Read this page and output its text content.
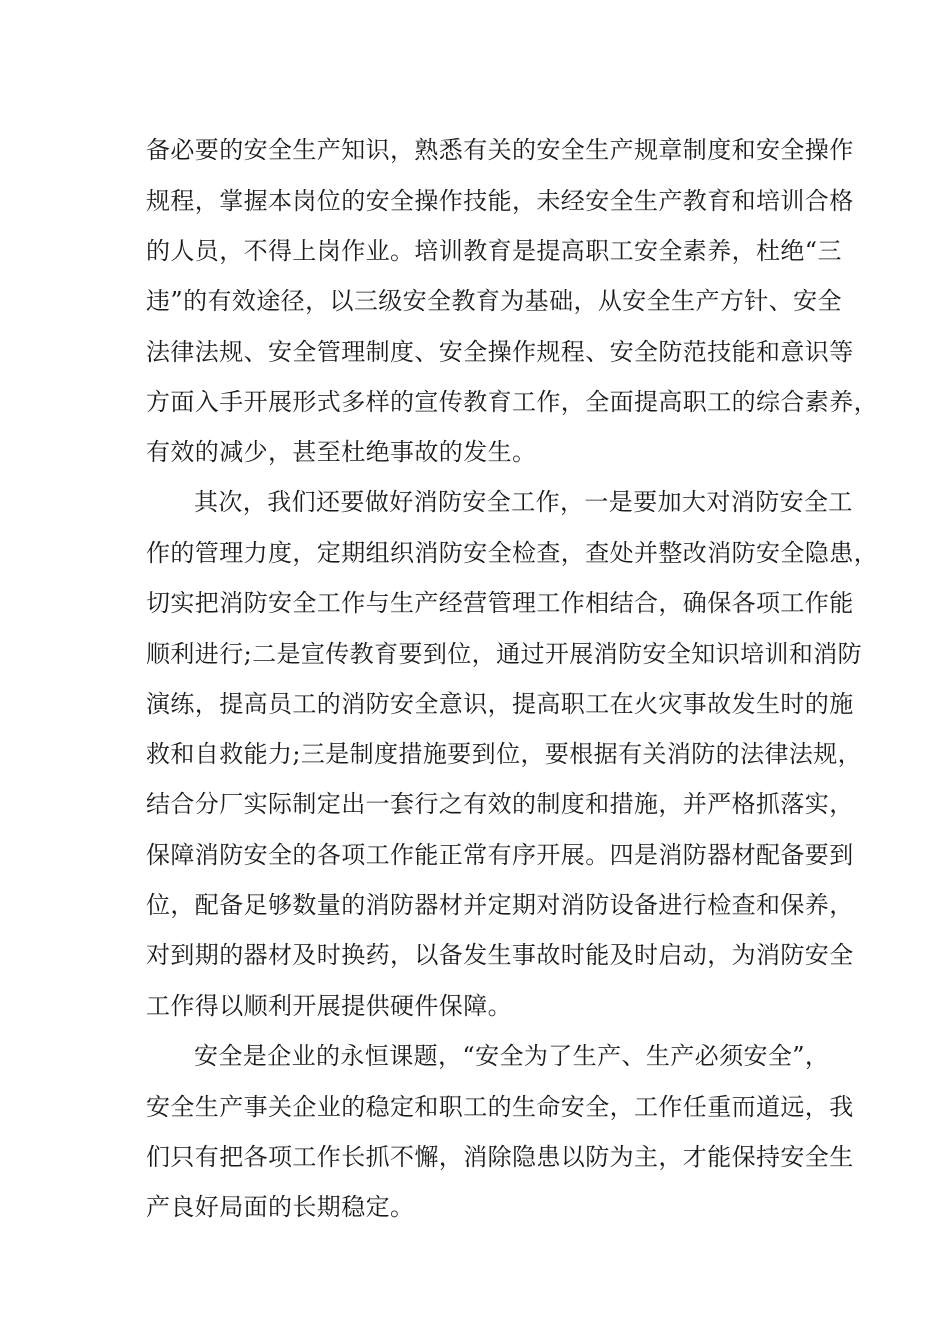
备必要的安全生产知识，熟悉有关的安全生产规章制度和安全操作
规程，掌握本岗位的安全操作技能，未经安全生产教育和培训合格
的人员，不得上岗作业。培训教育是提高职工安全素养，杜绝“三
违”的有效途径，以三级安全教育为基础，从安全生产方针、安全
法律法规、安全管理制度、安全操作规程、安全防范技能和意识等
方面入手开展形式多样的宣传教育工作，全面提高职工的综合素养，
有效的减少，甚至杜绝事故的发生。
其次，我们还要做好消防安全工作，一是要加大对消防安全工
作的管理力度，定期组织消防安全检查，查处并整改消防安全隐患，
切实把消防安全工作与生产经营管理工作相结合，确保各项工作能
顺利进行;二是宣传教育要到位，通过开展消防安全知识培训和消防
演练，提高员工的消防安全意识，提高职工在火灾事故发生时的施
救和自救能力;三是制度措施要到位，要根据有关消防的法律法规，
结合分厂实际制定出一套行之有效的制度和措施，并严格抓落实，
保障消防安全的各项工作能正常有序开展。四是消防器材配备要到
位，配备足够数量的消防器材并定期对消防设备进行检查和保养，
对到期的器材及时换药，以备发生事故时能及时启动，为消防安全
工作得以顺利开展提供硬件保障。
安全是企业的永恒课题，“安全为了生产、生产必须安全”，
安全生产事关企业的稳定和职工的生命安全，工作任重而道远，我
们只有把各项工作长抓不懈，消除隐患以防为主，才能保持安全生
产良好局面的长期稳定。
